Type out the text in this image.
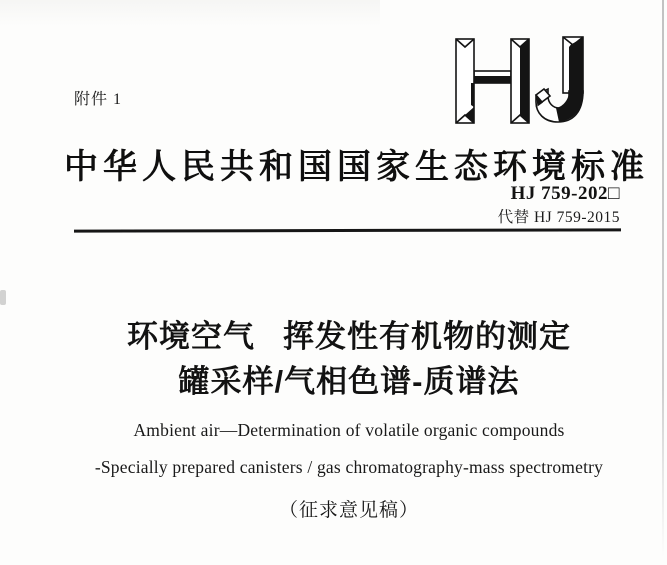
附件 1
中华人民共和国国家生态环境标准
HJ 759-202□
代替 HJ 759-2015
环境空气 挥发性有机物的测定
罐采样/气相色谱-质谱法
Ambient air—Determination of volatile organic compounds
-Specially prepared canisters / gas chromatography-mass spectrometry
（征求意见稿）
